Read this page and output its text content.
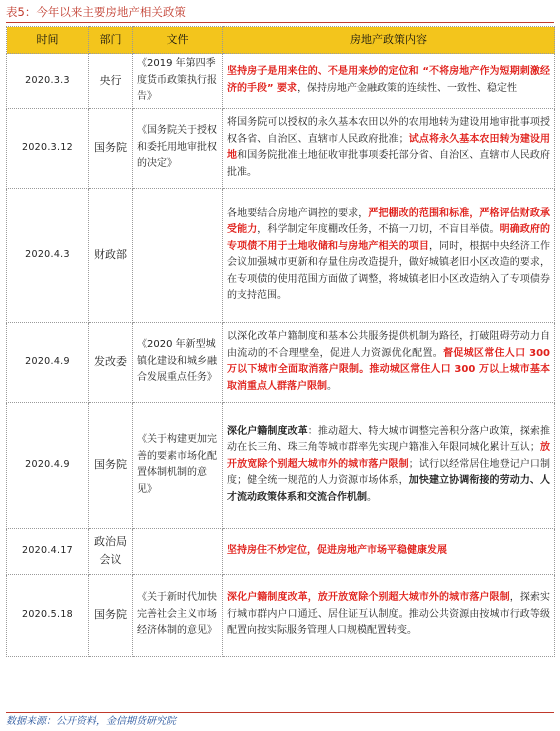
表5：今年以来主要房地产相关政策
时间	部门	文件	房地产政策内容
2020.3.3	央行	《2019 年第四季度货币政策执行报告》	坚持房子是用来住的、不是用来炒的定位和 “不将房地产作为短期刺激经济的手段” 要求，保持房地产金融政策的连续性、一致性、稳定性
2020.3.12	国务院	《国务院关于授权和委托用地审批权的决定》	将国务院可以授权的永久基本农田以外的农用地转为建设用地审批事项授权各省、自治区、直辖市人民政府批准；试点将永久基本农田转为建设用地和国务院批准土地征收审批事项委托部分省、自治区、直辖市人民政府批准。
2020.4.3	财政部		各地要结合房地产调控的要求，严把棚改的范围和标准，严格评估财政承受能力，科学制定年度棚改任务，不搞一刀切，不盲目举债。明确政府的专项债不用于土地收储和与房地产相关的项目，同时，根据中央经济工作会议加强城市更新和存量住房改造提升，做好城镇老旧小区改造的要求，在专项债的使用范围方面做了调整，将城镇老旧小区改造纳入了专项债券的支持范围。
2020.4.9	发改委	《2020 年新型城镇化建设和城乡融合发展重点任务》	以深化改革户籍制度和基本公共服务提供机制为路径，打破阻碍劳动力自由流动的不合理壁垒，促进人力资源优化配置。督促城区常住人口 300 万以下城市全面取消落户限制。推动城区常住人口 300 万以上城市基本取消重点人群落户限制。
2020.4.9	国务院	《关于构建更加完善的要素市场化配置体制机制的意见》	深化户籍制度改革：推动超大、特大城市调整完善积分落户政策，探索推动在长三角、珠三角等城市群率先实现户籍准入年限同城化累计互认；放开放宽除个别超大城市外的城市落户限制；试行以经常居住地登记户口制度；健全统一规范的人力资源市场体系，加快建立协调衔接的劳动力、人才流动政策体系和交流合作机制。
2020.4.17	政治局会议		坚持房住不炒定位，促进房地产市场平稳健康发展
2020.5.18	国务院	《关于新时代加快完善社会主义市场经济体制的意见》	深化户籍制度改革，放开放宽除个别超大城市外的城市落户限制，探索实行城市群内户口通迁、居住证互认制度。推动公共资源由按城市行政等级配置向按实际服务管理人口规模配置转变。
数据来源：公开资料，金信期货研究院
